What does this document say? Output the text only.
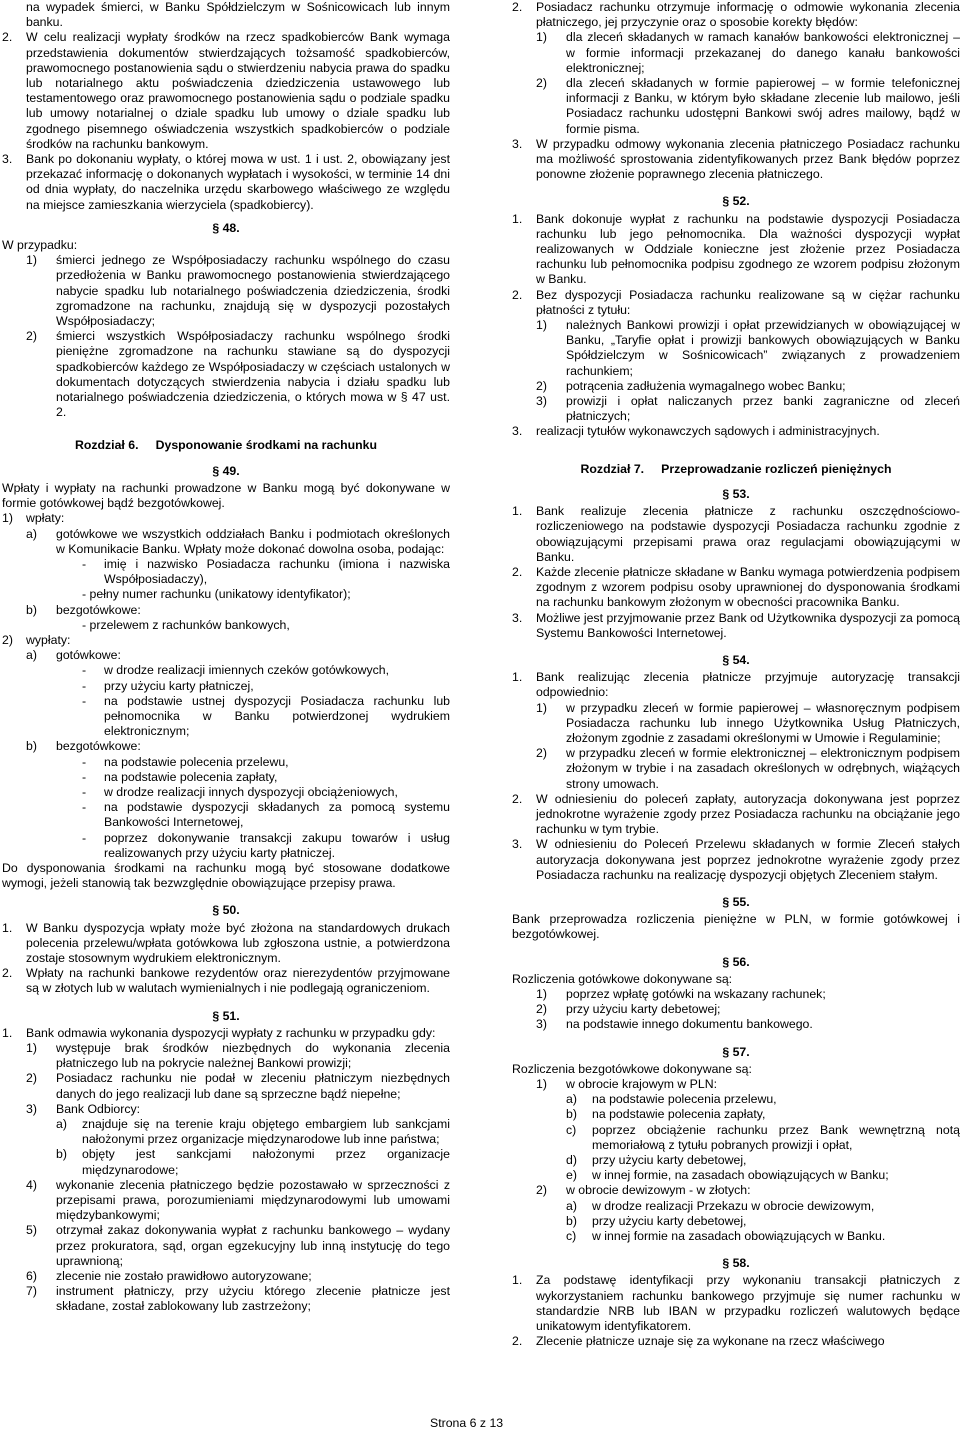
na wypadek śmierci, w Banku Spółdzielczym w Sośnicowicach lub innym banku.

2.	W celu realizacji wypłaty środków na rzecz spadkobierców Bank wymaga przedstawienia dokumentów stwierdzających tożsamość spadkobierców, prawomocnego postanowienia sądu o stwierdzeniu nabycia prawa do spadku lub notarialnego aktu poświadczenia dziedziczenia ustawowego lub testamentowego oraz prawomocnego postanowienia sądu o podziale spadku lub umowy notarialnej o dziale spadku lub umowy o dziale spadku lub zgodnego pisemnego oświadczenia wszystkich spadkobierców o podziale środków na rachunku bankowym.
3.	Bank po dokonaniu wypłaty, o której mowa w ust. 1 i ust. 2, obowiązany jest przekazać informację o dokonanych wypłatach i wysokości, w terminie 14 dni od dnia wypłaty, do naczelnika urzędu skarbowego właściwego ze względu na miejsce zamieszkania wierzyciela (spadkobiercy).
§ 48.

W przypadku:

1)	śmierci jednego ze Współposiadaczy rachunku wspólnego do czasu przedłożenia w Banku prawomocnego postanowienia stwierdzającego nabycie spadku lub notarialnego poświadczenia dziedziczenia, środki zgromadzone na rachunku, znajdują się w dyspozycji pozostałych Współposiadaczy;
2)	śmierci wszystkich Współposiadaczy rachunku wspólnego środki pieniężne zgromadzone na rachunku stawiane są do dyspozycji spadkobierców każdego ze Współposiadaczy w częściach ustalonych w dokumentach dotyczących stwierdzenia nabycia i działu spadku lub notarialnego poświadczenia dziedziczenia, o których mowa w § 47 ust. 2.
Rozdział 6. Dysponowanie środkami na rachunku
§ 49.

Wpłaty i wypłaty na rachunki prowadzone w Banku mogą być dokonywane w formie gotówkowej bądź bezgotówkowej.

1)	wpłaty:
a)	gotówkowe we wszystkich oddziałach Banku i podmiotach określonych w Komunikacie Banku. Wpłaty może dokonać dowolna osoba, podając:
-	imię i nazwisko Posiadacza rachunku (imiona i nazwiska Współposiadaczy),

- pełny numer rachunku (unikatowy identyfikator);

b)	bezgotówkowe:

- przelewem z rachunków bankowych,

2)	wypłaty:
a)	gotówkowe:
-	w drodze realizacji imiennych czeków gotówkowych,
-	przy użyciu karty płatniczej,
-	na podstawie ustnej dyspozycji Posiadacza rachunku lub pełnomocnika w Banku potwierdzonej wydrukiem elektronicznym;
b)	bezgotówkowe:
-	na podstawie polecenia przelewu,
-	na podstawie polecenia zapłaty,
-	w drodze realizacji innych dyspozycji obciążeniowych,
-	na podstawie dyspozycji składanych za pomocą systemu Bankowości Internetowej,
-	poprzez dokonywanie transakcji zakupu towarów i usług realizowanych przy użyciu karty płatniczej.

Do dysponowania środkami na rachunku mogą być stosowane dodatkowe wymogi, jeżeli stanowią tak bezwzględnie obowiązujące przepisy prawa.

§ 50.
1.	W Banku dyspozycja wpłaty może być złożona na standardowych drukach polecenia przelewu/wpłata gotówkowa lub zgłoszona ustnie, a potwierdzona zostaje stosownym wydrukiem elektronicznym.
2.	Wpłaty na rachunki bankowe rezydentów oraz nierezydentów przyjmowane są w złotych lub w walutach wymienialnych i nie podlegają ograniczeniom.
§ 51.
1.	Bank odmawia wykonania dyspozycji wypłaty z rachunku w przypadku gdy:
1)	występuje brak środków niezbędnych do wykonania zlecenia płatniczego lub na pokrycie należnej Bankowi prowizji;
2)	Posiadacz rachunku nie podał w zleceniu płatniczym niezbędnych danych do jego realizacji lub dane są sprzeczne bądź niepełne;
3)	Bank Odbiorcy:
a)	znajduje się na terenie kraju objętego embargiem lub sankcjami nałożonymi przez organizacje międzynarodowe lub inne państwa;
b)	objęty jest sankcjami nałożonymi przez organizacje międzynarodowe;
4)	wykonanie zlecenia płatniczego będzie pozostawało w sprzeczności z przepisami prawa, porozumieniami międzynarodowymi lub umowami międzybankowymi;
5)	otrzymał zakaz dokonywania wypłat z rachunku bankowego – wydany przez prokuratora, sąd, organ egzekucyjny lub inną instytucję do tego uprawnioną;
6)	zlecenie nie zostało prawidłowo autoryzowane;
7)	instrument płatniczy, przy użyciu którego zlecenie płatnicze jest składane, został zablokowany lub zastrzeżony;
2.	Posiadacz rachunku otrzymuje informację o odmowie wykonania zlecenia płatniczego, jej przyczynie oraz o sposobie korekty błędów:
1)	dla zleceń składanych w ramach kanałów bankowości elektronicznej – w formie informacji przekazanej do danego kanału bankowości elektronicznej;
2)	dla zleceń składanych w formie papierowej – w formie telefonicznej informacji z Banku, w którym było składane zlecenie lub mailowo, jeśli Posiadacz rachunku udostępni Bankowi swój adres mailowy, bądź w formie pisma.
3.	W przypadku odmowy wykonania zlecenia płatniczego Posiadacz rachunku ma możliwość sprostowania zidentyfikowanych przez Bank błędów poprzez ponowne złożenie poprawnego zlecenia płatniczego.
§ 52.
1.	Bank dokonuje wypłat z rachunku na podstawie dyspozycji Posiadacza rachunku lub jego pełnomocnika. Dla ważności dyspozycji wypłat realizowanych w Oddziale konieczne jest złożenie przez Posiadacza rachunku lub pełnomocnika podpisu zgodnego ze wzorem podpisu złożonym w Banku.
2.	Bez dyspozycji Posiadacza rachunku realizowane są w ciężar rachunku płatności z tytułu:
1)	należnych Bankowi prowizji i opłat przewidzianych w obowiązującej w Banku, „Taryfie opłat i prowizji bankowych obowiązujących w Banku Spółdzielczym w Sośnicowicach” związanych z prowadzeniem rachunkiem;
2)	potrącenia zadłużenia wymagalnego wobec Banku;
3)	prowizji i opłat naliczanych przez banki zagraniczne od zleceń płatniczych;
3.	realizacji tytułów wykonawczych sądowych i administracyjnych.
Rozdział 7. Przeprowadzanie rozliczeń pieniężnych
§ 53.
1.	Bank realizuje zlecenia płatnicze z rachunku oszczędnościowo-rozliczeniowego na podstawie dyspozycji Posiadacza rachunku zgodnie z obowiązującymi przepisami prawa oraz regulacjami obowiązującymi w Banku.
2.	Każde zlecenie płatnicze składane w Banku wymaga potwierdzenia podpisem zgodnym z wzorem podpisu osoby uprawnionej do dysponowania środkami na rachunku bankowym złożonym w obecności pracownika Banku.
3.	Możliwe jest przyjmowanie przez Bank od Użytkownika dyspozycji za pomocą Systemu Bankowości Internetowej.
§ 54.
1.	Bank realizując zlecenia płatnicze przyjmuje autoryzację transakcji odpowiednio:
1)	w przypadku zleceń w formie papierowej – własnoręcznym podpisem Posiadacza rachunku lub innego Użytkownika Usług Płatniczych, złożonym zgodnie z zasadami określonymi w Umowie i Regulaminie;
2)	w przypadku zleceń w formie elektronicznej – elektronicznym podpisem złożonym w trybie i na zasadach określonych w odrębnych, wiążących strony umowach.
2.	W odniesieniu do poleceń zapłaty, autoryzacja dokonywana jest poprzez jednokrotne wyrażenie zgody przez Posiadacza rachunku na obciążanie jego rachunku w tym trybie.
3.	W odniesieniu do Poleceń Przelewu składanych w formie Zleceń stałych autoryzacja dokonywana jest poprzez jednokrotne wyrażenie zgody przez Posiadacza rachunku na realizację dyspozycji objętych Zleceniem stałym.
§ 55.

Bank przeprowadza rozliczenia pieniężne w PLN, w formie gotówkowej i bezgotówkowej.

§ 56.

Rozliczenia gotówkowe dokonywane są:

1)	poprzez wpłatę gotówki na wskazany rachunek;
2)	przy użyciu karty debetowej;
3)	na podstawie innego dokumentu bankowego.
§ 57.

Rozliczenia bezgotówkowe dokonywane są:

1)	w obrocie krajowym w PLN:
a)	na podstawie polecenia przelewu,
b)	na podstawie polecenia zapłaty,
c)	poprzez obciążenie rachunku przez Bank wewnętrzną notą memoriałową z tytułu pobranych prowizji i opłat,
d)	przy użyciu karty debetowej,
e)	w innej formie, na zasadach obowiązujących w Banku;
2)	w obrocie dewizowym - w złotych:
a)	w drodze realizacji Przekazu w obrocie dewizowym,
b)	przy użyciu karty debetowej,
c)	w innej formie na zasadach obowiązujących w Banku.
§ 58.
1.	Za podstawę identyfikacji przy wykonaniu transakcji płatniczych z wykorzystaniem rachunku bankowego przyjmuje się numer rachunku w standardzie NRB lub IBAN w przypadku rozliczeń walutowych będące unikatowym identyfikatorem.
2.	Zlecenie płatnicze uznaje się za wykonane na rzecz właściwego
Strona 6 z 13
